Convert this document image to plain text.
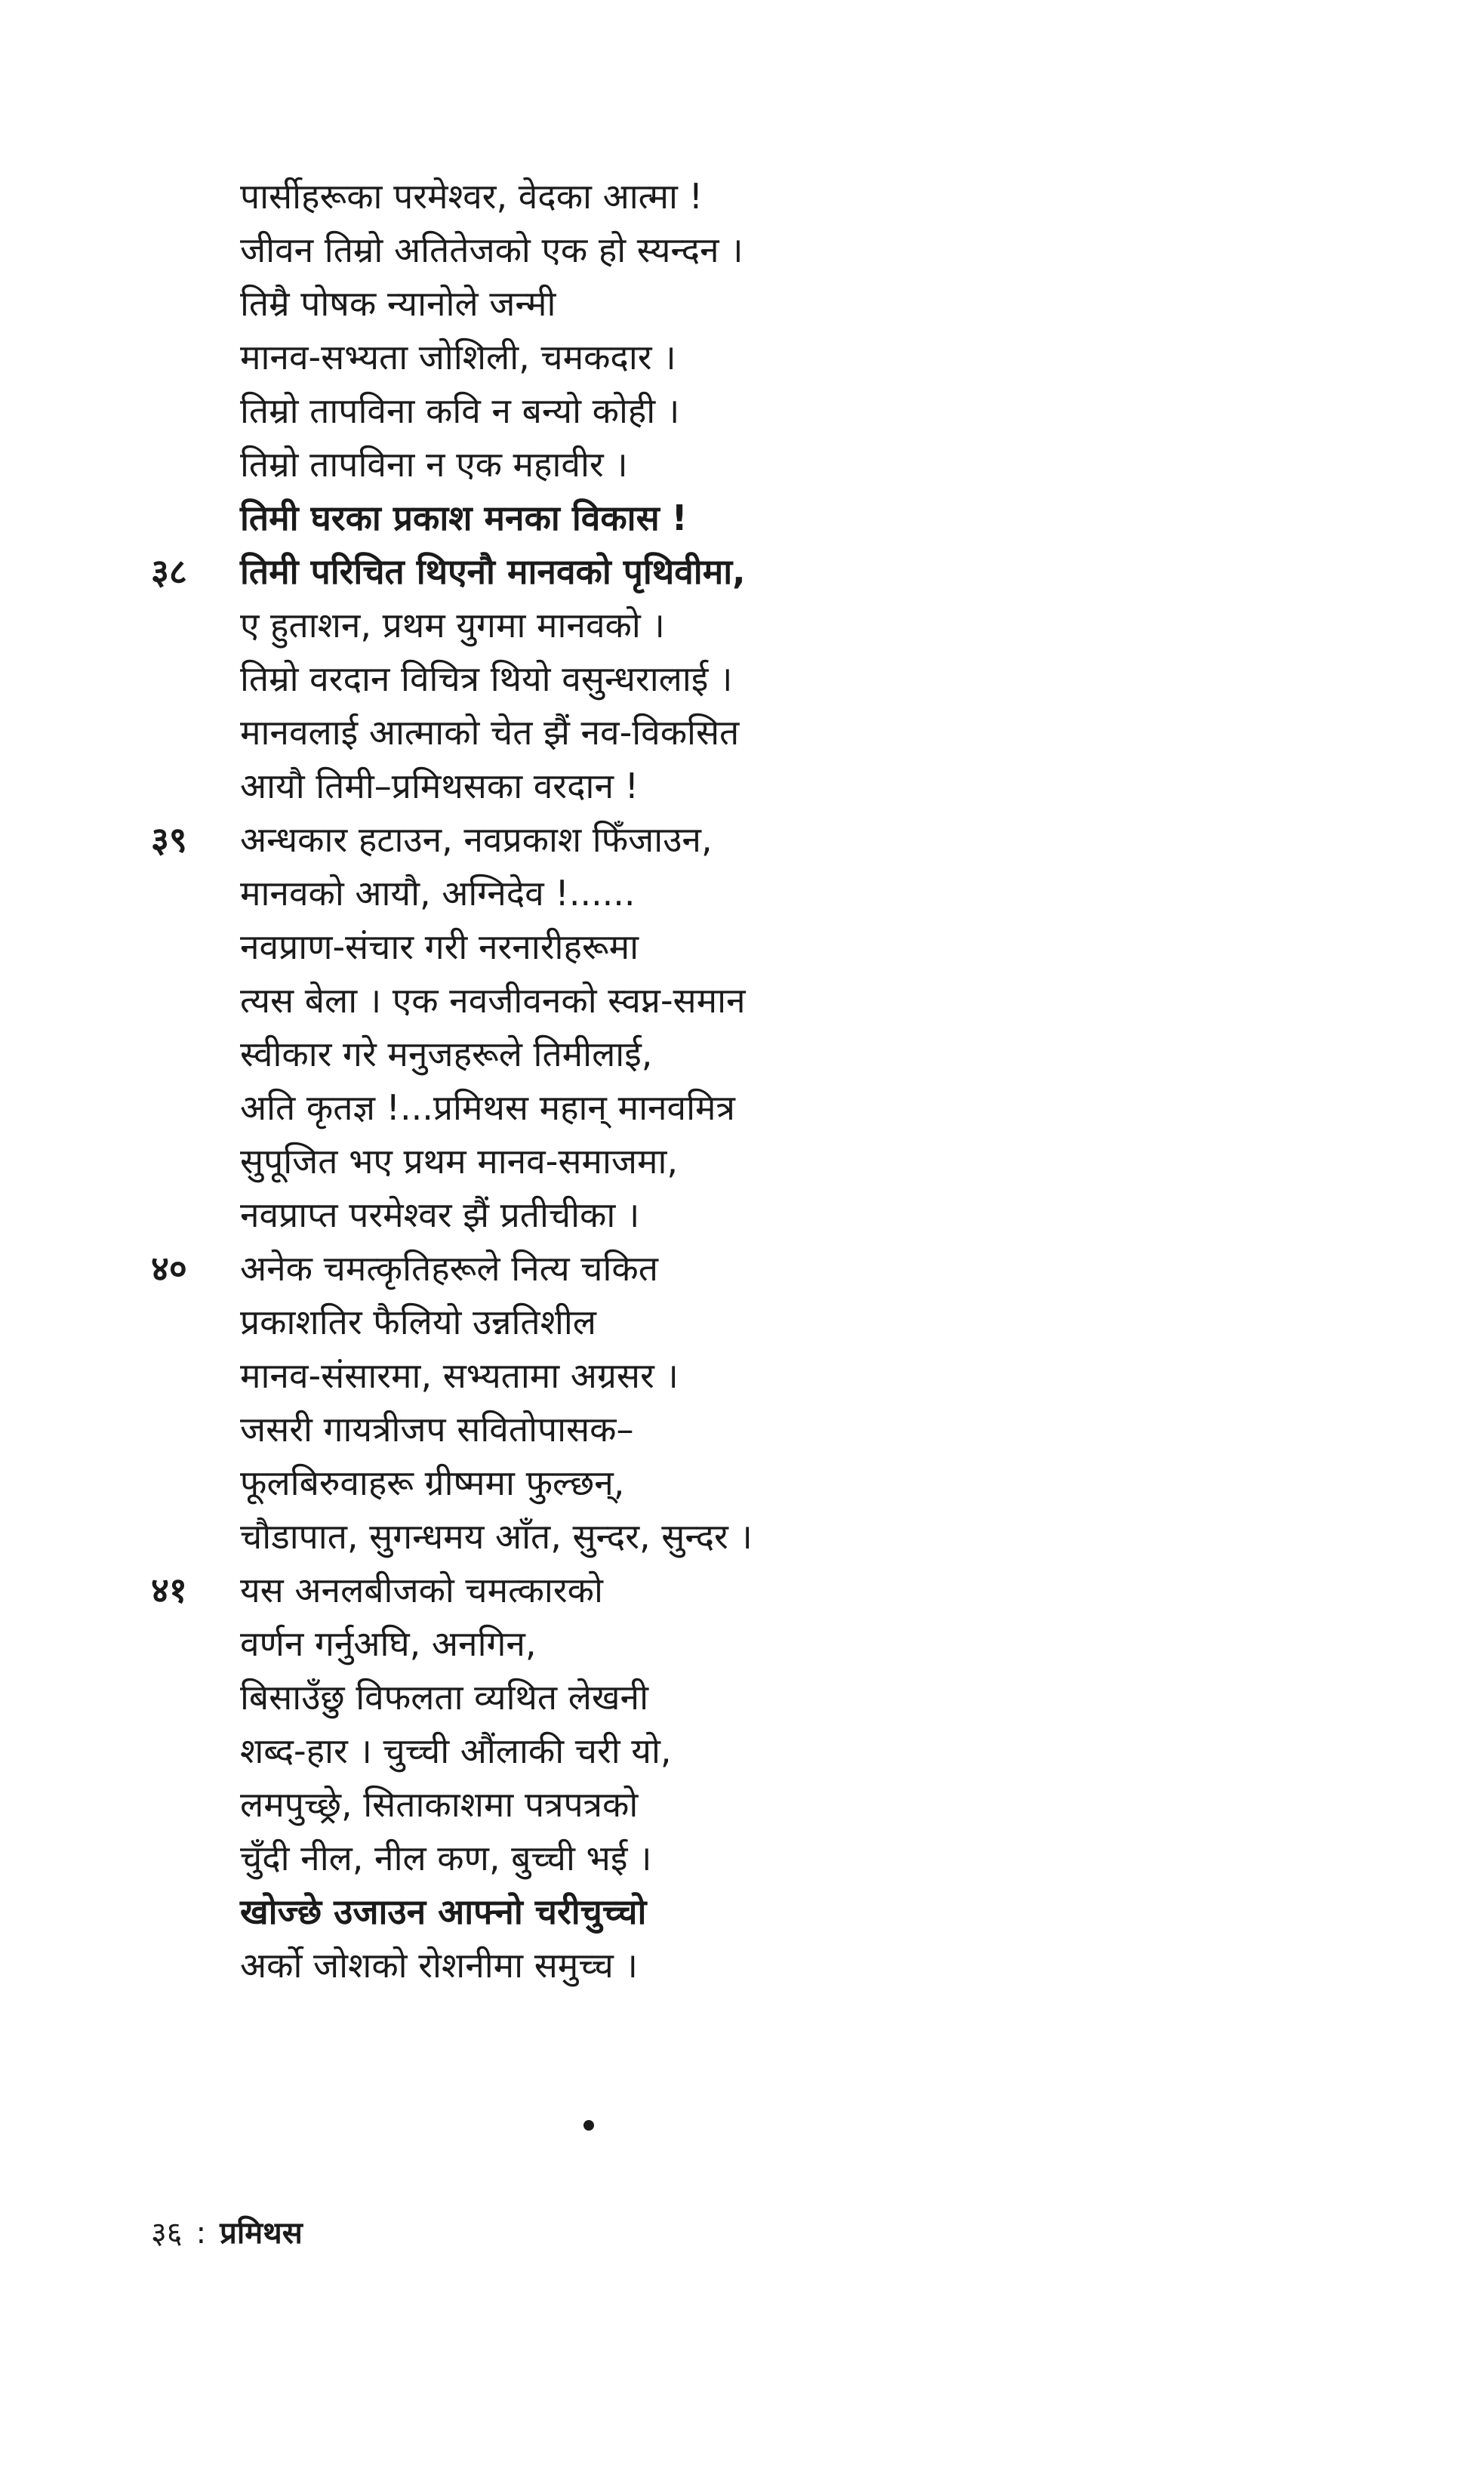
पार्सीहरूका परमेश्वर, वेदका आत्मा !
जीवन तिम्रो अतितेजको एक हो स्यन्दन ।
तिम्रै पोषक न्यानोले जन्मी
मानव-सभ्यता जोशिली, चमकदार ।
तिम्रो तापविना कवि न बन्यो कोही ।
तिम्रो तापविना न एक महावीर ।
तिमी घरका प्रकाश मनका विकास !
३८	तिमी परिचित थिएनौ मानवको पृथिवीमा,
ए हुताशन, प्रथम युगमा मानवको ।
तिम्रो वरदान विचित्र थियो वसुन्धरालाई ।
मानवलाई आत्माको चेत झैं नव-विकसित
आयौ तिमी–प्रमिथसका वरदान !
३९	अन्धकार हटाउन, नवप्रकाश फिँजाउन,
मानवको आयौ, अग्निदेव !......
नवप्राण-संचार गरी नरनारीहरूमा
त्यस बेला । एक नवजीवनको स्वप्न-समान
स्वीकार गरे मनुजहरूले तिमीलाई,
अति कृतज्ञ !...प्रमिथस महान् मानवमित्र
सुपूजित भए प्रथम मानव-समाजमा,
नवप्राप्त परमेश्वर झैं प्रतीचीका ।
४०	अनेक चमत्कृतिहरूले नित्य चकित
प्रकाशतिर फैलियो उन्नतिशील
मानव-संसारमा, सभ्यतामा अग्रसर ।
जसरी गायत्रीजप सवितोपासक–
फूलबिरुवाहरू ग्रीष्ममा फुल्छन्,
चौडापात, सुगन्धमय आँत, सुन्दर, सुन्दर ।
४१	यस अनलबीजको चमत्कारको
वर्णन गर्नुअघि, अनगिन,
बिसाउँछु विफलता व्यथित लेखनी
शब्द-हार । चुच्ची औंलाकी चरी यो,
लमपुच्छ्रे, सिताकाशमा पत्रपत्रको
चुँदी नील, नील कण, बुच्ची भई ।
खोज्छे उजाउन आफ्नो चरीचुच्चो
अर्को जोशको रोशनीमा समुच्च ।
३६ : प्रमिथस
